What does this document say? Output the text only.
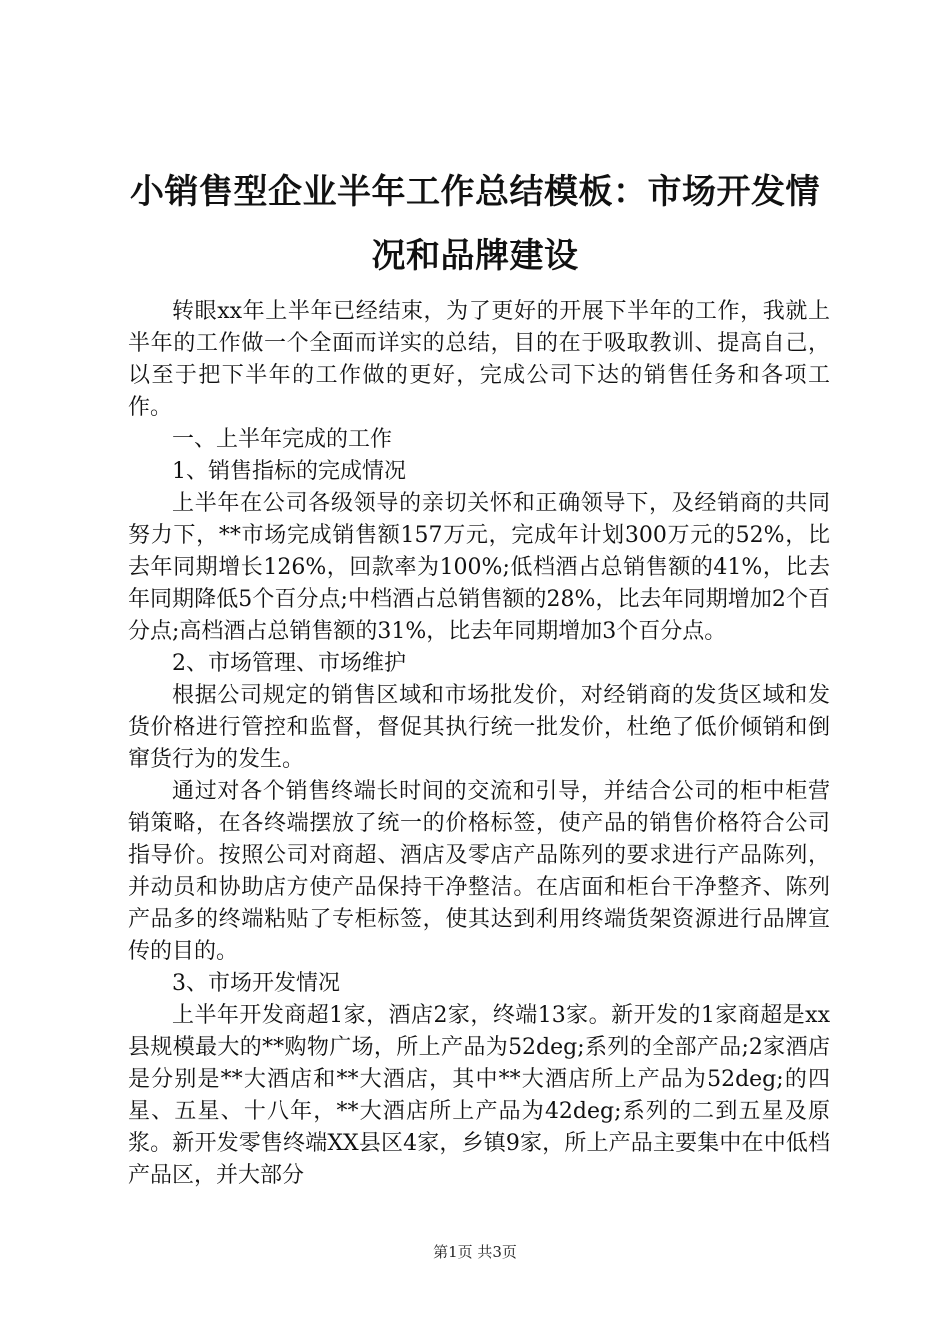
小销售型企业半年工作总结模板：市场开发情况和品牌建设

转眼xx年上半年已经结束，为了更好的开展下半年的工作，我就上半年的工作做一个全面而详实的总结，目的在于吸取教训、提高自己，以至于把下半年的工作做的更好，完成公司下达的销售任务和各项工作。

一、上半年完成的工作

1、销售指标的完成情况

上半年在公司各级领导的亲切关怀和正确领导下，及经销商的共同努力下，**市场完成销售额157万元，完成年计划300万元的52%，比去年同期增长126%，回款率为100%;低档酒占总销售额的41%，比去年同期降低5个百分点;中档酒占总销售额的28%，比去年同期增加2个百分点;高档酒占总销售额的31%，比去年同期增加3个百分点。

2、市场管理、市场维护

根据公司规定的销售区域和市场批发价，对经销商的发货区域和发货价格进行管控和监督，督促其执行统一批发价，杜绝了低价倾销和倒窜货行为的发生。

通过对各个销售终端长时间的交流和引导，并结合公司的柜中柜营销策略，在各终端摆放了统一的价格标签，使产品的销售价格符合公司指导价。按照公司对商超、酒店及零店产品陈列的要求进行产品陈列，并动员和协助店方使产品保持干净整洁。在店面和柜台干净整齐、陈列产品多的终端粘贴了专柜标签，使其达到利用终端货架资源进行品牌宣传的目的。

3、市场开发情况

上半年开发商超1家，酒店2家，终端13家。新开发的1家商超是xx县规模最大的**购物广场，所上产品为52deg;系列的全部产品;2家酒店是分别是**大酒店和**大酒店，其中**大酒店所上产品为52deg;的四星、五星、十八年，**大酒店所上产品为42deg;系列的二到五星及原浆。新开发零售终端XX县区4家，乡镇9家，所上产品主要集中在中低档产品区，并大部分

第1页 共3页
